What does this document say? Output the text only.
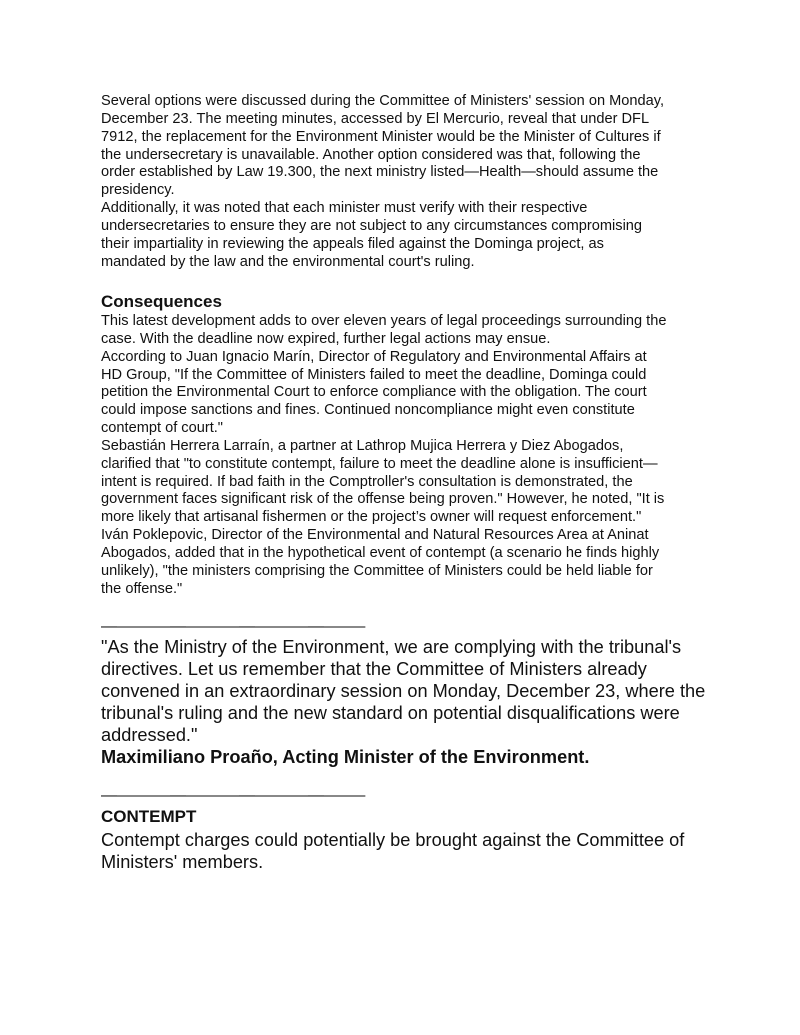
Several options were discussed during the Committee of Ministers' session on Monday,
December 23. The meeting minutes, accessed by El Mercurio, reveal that under DFL
7912, the replacement for the Environment Minister would be the Minister of Cultures if
the undersecretary is unavailable. Another option considered was that, following the
order established by Law 19.300, the next ministry listed—Health—should assume the
presidency.
Additionally, it was noted that each minister must verify with their respective
undersecretaries to ensure they are not subject to any circumstances compromising
their impartiality in reviewing the appeals filed against the Dominga project, as
mandated by the law and the environmental court's ruling.
Consequences
This latest development adds to over eleven years of legal proceedings surrounding the
case. With the deadline now expired, further legal actions may ensue.
According to Juan Ignacio Marín, Director of Regulatory and Environmental Affairs at
HD Group, "If the Committee of Ministers failed to meet the deadline, Dominga could
petition the Environmental Court to enforce compliance with the obligation. The court
could impose sanctions and fines. Continued noncompliance might even constitute
contempt of court."
Sebastián Herrera Larraín, a partner at Lathrop Mujica Herrera y Diez Abogados,
clarified that "to constitute contempt, failure to meet the deadline alone is insufficient—
intent is required. If bad faith in the Comptroller's consultation is demonstrated, the
government faces significant risk of the offense being proven." However, he noted, "It is
more likely that artisanal fishermen or the project’s owner will request enforcement."
Iván Poklepovic, Director of the Environmental and Natural Resources Area at Aninat
Abogados, added that in the hypothetical event of contempt (a scenario he finds highly
unlikely), "the ministers comprising the Committee of Ministers could be held liable for
the offense."
———————————————————
"As the Ministry of the Environment, we are complying with the tribunal's
directives. Let us remember that the Committee of Ministers already
convened in an extraordinary session on Monday, December 23, where the
tribunal's ruling and the new standard on potential disqualifications were
addressed."
Maximiliano Proaño, Acting Minister of the Environment.
———————————————————
CONTEMPT
Contempt charges could potentially be brought against the Committee of
Ministers' members.
